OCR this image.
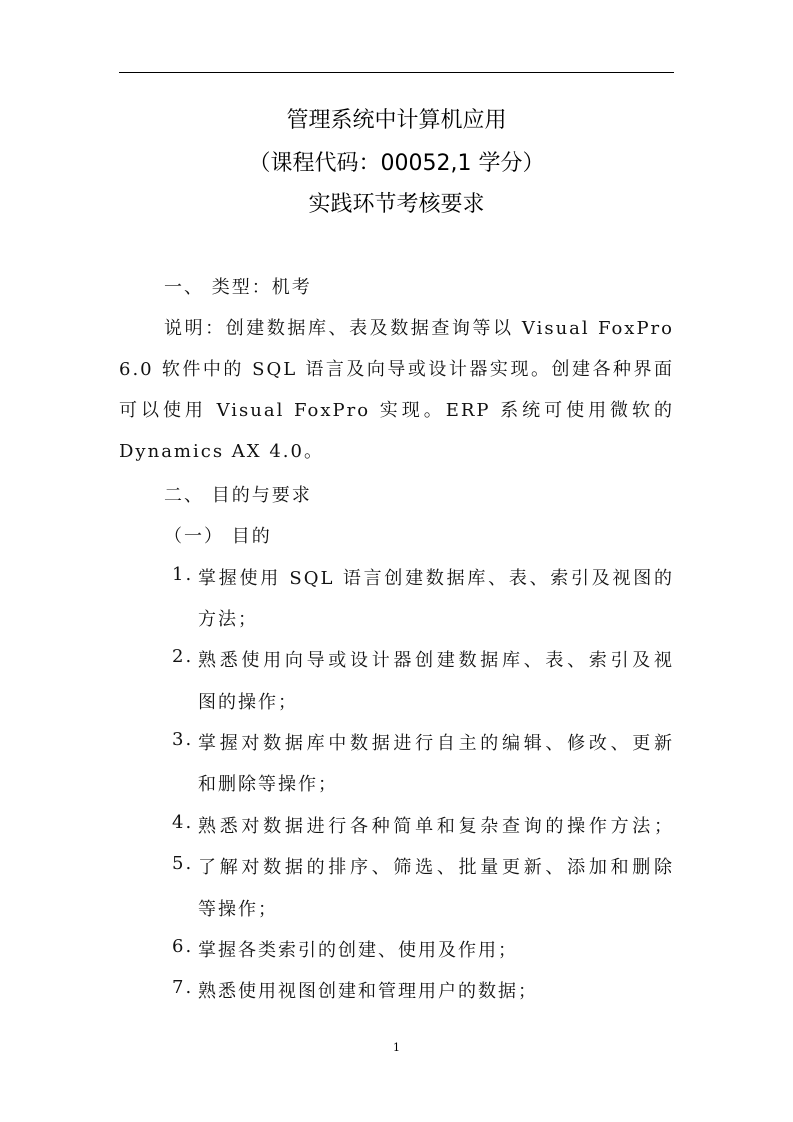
管理系统中计算机应用
（课程代码：00052,1 学分）
实践环节考核要求
一、 类型：机考
说明：创建数据库、表及数据查询等以 Visual FoxPro
6.0 软件中的 SQL 语言及向导或设计器实现。创建各种界面
可以使用 Visual FoxPro 实现。ERP 系统可使用微软的
Dynamics AX 4.0。
二、 目的与要求
（一） 目的
1. 掌握使用 SQL 语言创建数据库、表、索引及视图的
方法；
2. 熟悉使用向导或设计器创建数据库、表、索引及视
图的操作；
3. 掌握对数据库中数据进行自主的编辑、修改、更新
和删除等操作；
4. 熟悉对数据进行各种简单和复杂查询的操作方法；
5. 了解对数据的排序、筛选、批量更新、添加和删除
等操作；
6. 掌握各类索引的创建、使用及作用；
7. 熟悉使用视图创建和管理用户的数据；
1
